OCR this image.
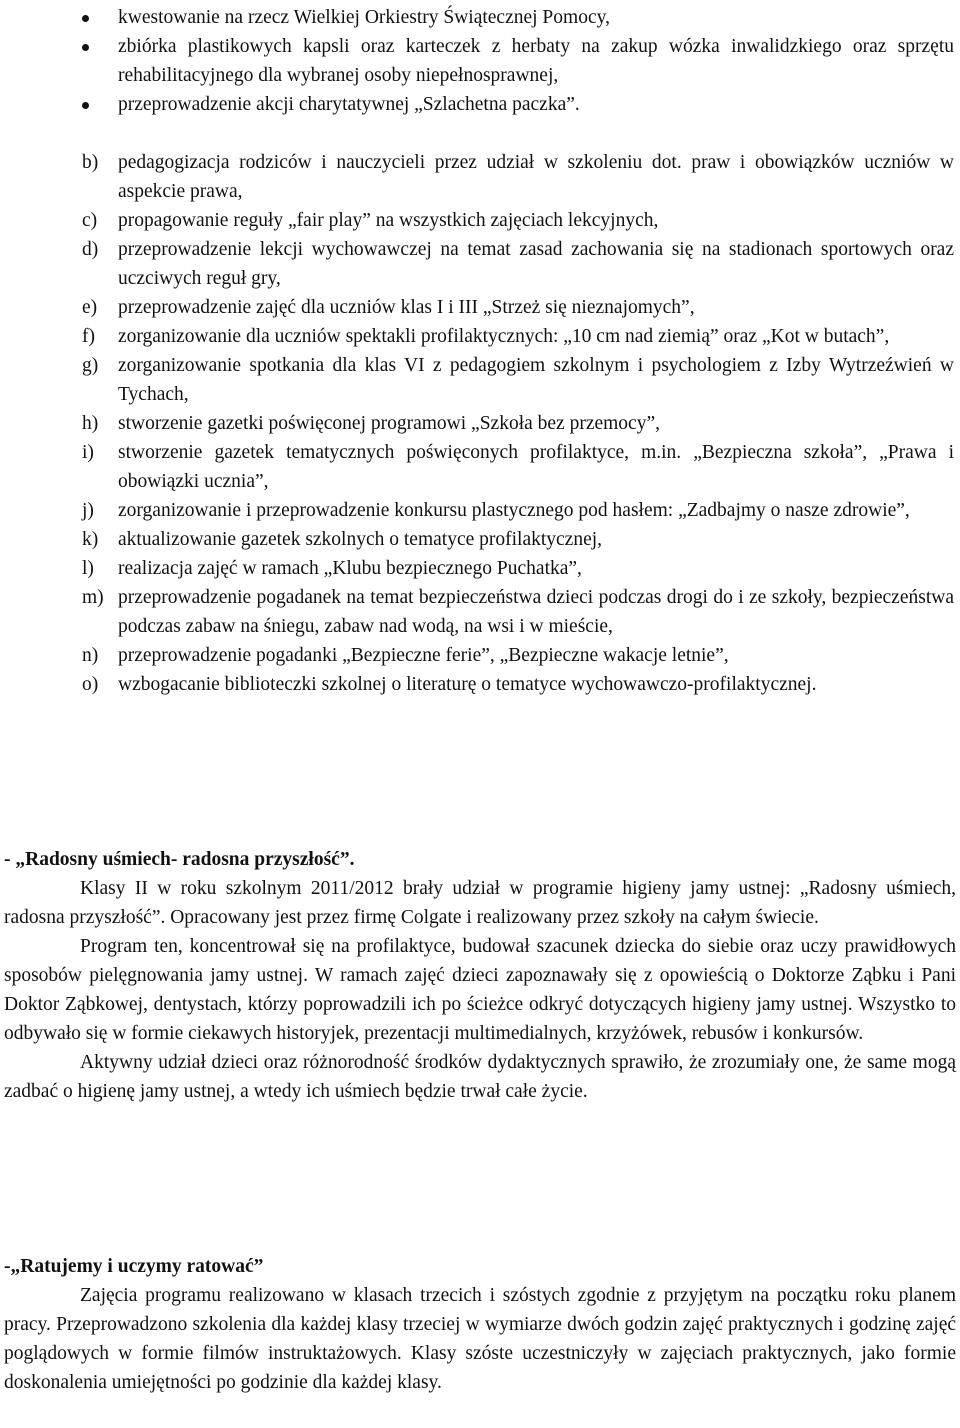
kwestowanie na rzecz Wielkiej Orkiestry Świątecznej Pomocy,
zbiórka plastikowych kapsli oraz karteczek z herbaty na zakup wózka inwalidzkiego oraz sprzętu rehabilitacyjnego dla wybranej osoby niepełnosprawnej,
przeprowadzenie akcji charytatywnej „Szlachetna paczka”.
b) pedagogizacja rodziców i nauczycieli przez udział w szkoleniu dot. praw i obowiązków uczniów w aspekcie prawa,
c) propagowanie reguły „fair play” na wszystkich zajęciach lekcyjnych,
d) przeprowadzenie lekcji wychowawczej na temat zasad zachowania się na stadionach sportowych oraz uczciwych reguł gry,
e) przeprowadzenie zajęć dla uczniów klas I i III „Strzeż się nieznajomych”,
f) zorganizowanie dla uczniów spektakli profilaktycznych: „10 cm nad ziemią” oraz „Kot w butach”,
g) zorganizowanie spotkania dla klas VI z pedagogiem szkolnym i psychologiem z Izby Wytrzeźwień w Tychach,
h) stworzenie gazetki poświęconej programowi „Szkoła bez przemocy”,
i) stworzenie gazetek tematycznych poświęconych profilaktyce, m.in. „Bezpieczna szkoła”, „Prawa i obowiązki ucznia”,
j) zorganizowanie i przeprowadzenie konkursu plastycznego pod hasłem: „Zadbajmy o nasze zdrowie”,
k) aktualizowanie gazetek szkolnych o tematyce profilaktycznej,
l) realizacja zajęć w ramach „Klubu bezpiecznego Puchatka”,
m) przeprowadzenie pogadanek na temat bezpieczeństwa dzieci podczas drogi do i ze szkoły, bezpieczeństwa podczas zabaw na śniegu, zabaw nad wodą, na wsi i w mieście,
n) przeprowadzenie pogadanki „Bezpieczne ferie”, „Bezpieczne wakacje letnie”,
o) wzbogacanie biblioteczki szkolnej o literaturę o tematyce wychowawczo-profilaktycznej.
- „Radosny uśmiech- radosna przyszłość”.

Klasy II w roku szkolnym 2011/2012 brały udział w programie higieny jamy ustnej: „Radosny uśmiech, radosna przyszłość”. Opracowany jest przez firmę Colgate i realizowany przez szkoły na całym świecie.

Program ten, koncentrował się na profilaktyce, budował szacunek dziecka do siebie oraz uczy prawidłowych sposobów pielęgnowania jamy ustnej. W ramach zajęć dzieci zapoznawały się z opowieścią o Doktorze Ząbku i Pani Doktor Ząbkowej, dentystach, którzy poprowadzili ich po ścieżce odkryć dotyczących higieny jamy ustnej. Wszystko to odbywało się w formie ciekawych historyjek, prezentacji multimedialnych, krzyżówek, rebusów i konkursów.

Aktywny udział dzieci oraz różnorodność środków dydaktycznych sprawiło, że zrozumiały one, że same mogą zadbać o higienę jamy ustnej, a wtedy ich uśmiech będzie trwał całe życie.

-„Ratujemy i uczymy ratować”

Zajęcia programu realizowano w klasach trzecich i szóstych zgodnie z przyjętym na początku roku planem pracy. Przeprowadzono szkolenia dla każdej klasy trzeciej w wymiarze dwóch godzin zajęć praktycznych i godzinę zajęć poglądowych w formie filmów instruktażowych. Klasy szóste uczestniczyły w zajęciach praktycznych, jako formie doskonalenia umiejętności po godzinie dla każdej klasy.
